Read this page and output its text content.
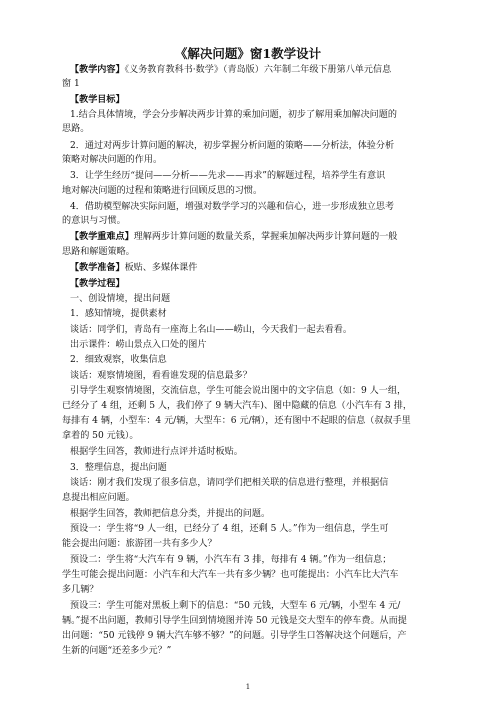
《解决问题》窗1教学设计
【教学内容】《义务教育教科书·数学》（青岛版）六年制二年级下册第八单元信息
窗 1
【教学目标】
1.结合具体情境，学会分步解决两步计算的乘加问题，初步了解用乘加解决问题的
思路。
2．通过对两步计算问题的解决，初步掌握分析问题的策略——分析法，体验分析
策略对解决问题的作用。
3．让学生经历“提问——分析——先求——再求”的解题过程，培养学生有意识
地对解决问题的过程和策略进行回顾反思的习惯。
4．借助模型解决实际问题，增强对数学学习的兴趣和信心，进一步形成独立思考
的意识与习惯。
【教学重难点】理解两步计算问题的数量关系，掌握乘加解决两步计算问题的一般
思路和解题策略。
【教学准备】板贴、多媒体课件
【教学过程】
一、创设情境，提出问题
1．感知情境，提供素材
谈话：同学们，青岛有一座海上名山——崂山，今天我们一起去看看。
出示课件：崂山景点入口处的图片
2．细致观察，收集信息
谈话：观察情境图，看看谁发现的信息最多？
引导学生观察情境图，交流信息，学生可能会说出图中的文字信息（如：9 人一组，
已经分了 4 组，还剩 5 人，我们停了 9 辆大汽车)、图中隐藏的信息（小汽车有 3 排，
每排有 4 辆，小型车：4 元/辆，大型车：6 元/辆），还有图中不起眼的信息（叔叔手里
拿着的 50 元钱）。
根据学生回答，教师进行点评并适时板贴。
3．整理信息，提出问题
谈话：刚才我们发现了很多信息，请同学们把相关联的信息进行整理，并根据信
息提出相应问题。
根据学生回答，教师把信息分类，并提出的问题。
预设一：学生将“9 人一组，已经分了 4 组，还剩 5 人。”作为一组信息，学生可
能会提出问题：旅游团一共有多少人？
预设二：学生将“大汽车有 9 辆，小汽车有 3 排，每排有 4 辆。”作为一组信息；
学生可能会提出问题：小汽车和大汽车一共有多少辆？也可能提出：小汽车比大汽车
多几辆？
预设三：学生可能对黑板上剩下的信息：“50 元钱，大型车 6 元/辆，小型车 4 元/
辆。”提不出问题，教师引导学生回到情境图并涛 50 元钱是交大型车的停车费。从而提
出问题：“50 元钱停 9 辆大汽车够不够？”的问题。引导学生口答解决这个问题后，产
生新的问题“还差多少元？”
1
